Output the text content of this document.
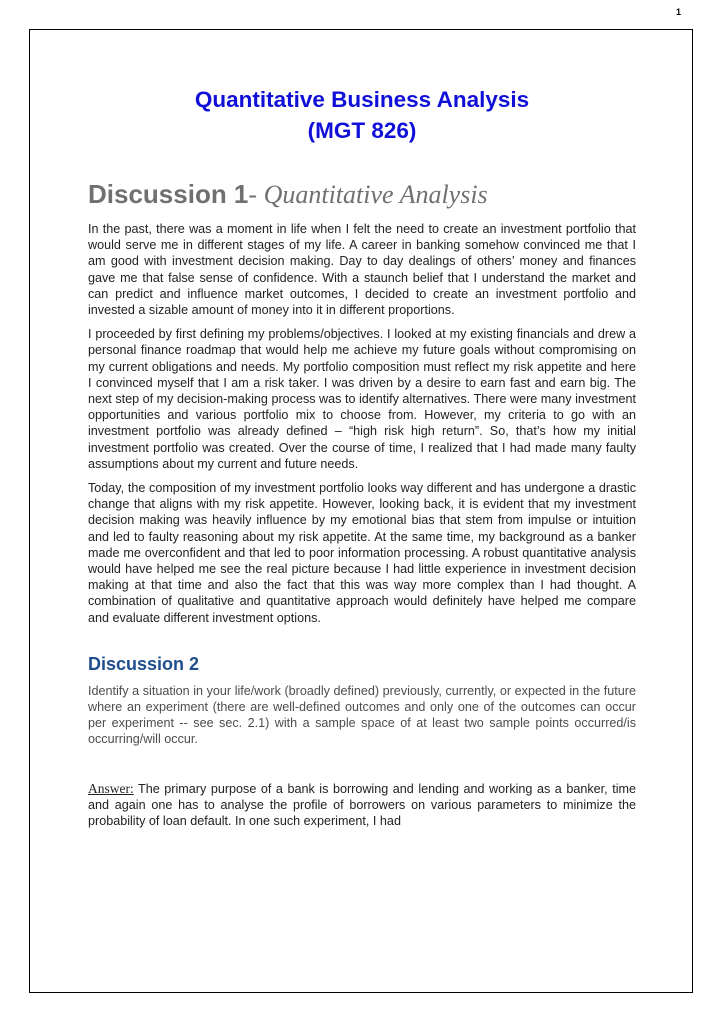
1
Quantitative Business Analysis
(MGT 826)
Discussion 1- Quantitative Analysis

In the past, there was a moment in life when I felt the need to create an investment portfolio that would serve me in different stages of my life. A career in banking somehow convinced me that I am good with investment decision making. Day to day dealings of others’ money and finances gave me that false sense of confidence. With a staunch belief that I understand the market and can predict and influence market outcomes, I decided to create an investment portfolio and invested a sizable amount of money into it in different proportions.

I proceeded by first defining my problems/objectives. I looked at my existing financials and drew a personal finance roadmap that would help me achieve my future goals without compromising on my current obligations and needs. My portfolio composition must reflect my risk appetite and here I convinced myself that I am a risk taker. I was driven by a desire to earn fast and earn big. The next step of my decision-making process was to identify alternatives. There were many investment opportunities and various portfolio mix to choose from. However, my criteria to go with an investment portfolio was already defined – “high risk high return”. So, that’s how my initial investment portfolio was created. Over the course of time, I realized that I had made many faulty assumptions about my current and future needs.

Today, the composition of my investment portfolio looks way different and has undergone a drastic change that aligns with my risk appetite. However, looking back, it is evident that my investment decision making was heavily influence by my emotional bias that stem from impulse or intuition and led to faulty reasoning about my risk appetite. At the same time, my background as a banker made me overconfident and that led to poor information processing. A robust quantitative analysis would have helped me see the real picture because I had little experience in investment decision making at that time and also the fact that this was way more complex than I had thought. A combination of qualitative and quantitative approach would definitely have helped me compare and evaluate different investment options.

Discussion 2

Identify a situation in your life/work (broadly defined) previously, currently, or expected in the future where an experiment (there are well-defined outcomes and only one of the outcomes can occur per experiment -- see sec. 2.1) with a sample space of at least two sample points occurred/is occurring/will occur.

Answer: The primary purpose of a bank is borrowing and lending and working as a banker, time and again one has to analyse the profile of borrowers on various parameters to minimize the probability of loan default. In one such experiment, I had
